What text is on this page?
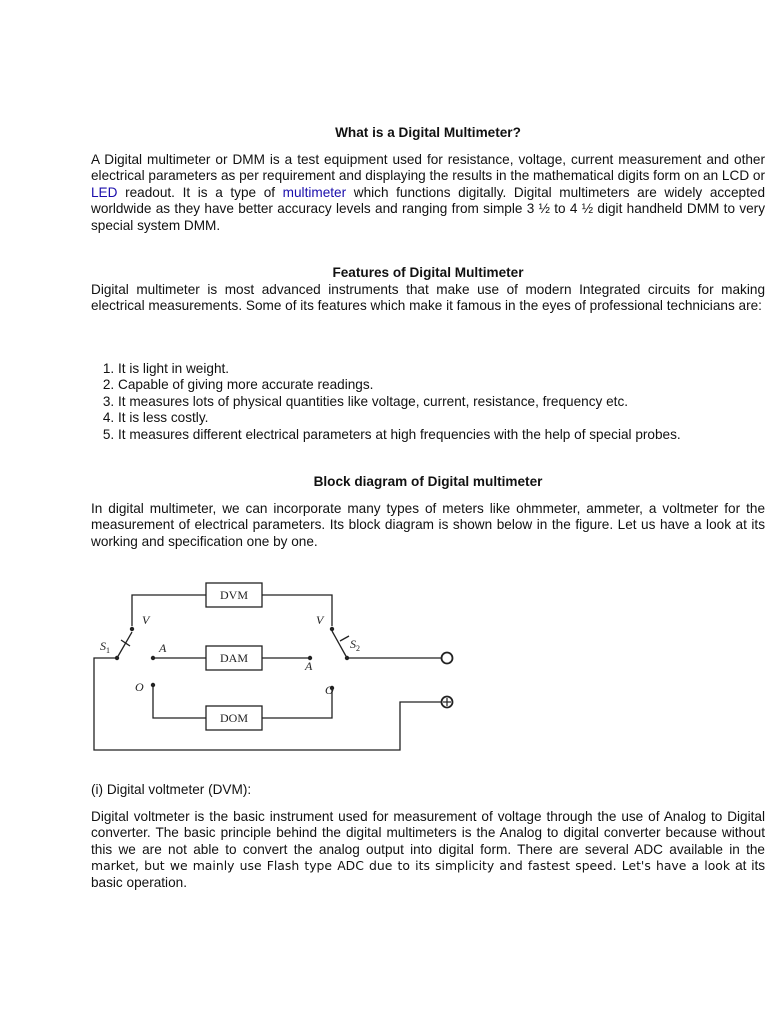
What is a Digital Multimeter?

A Digital multimeter or DMM is a test equipment used for resistance, voltage, current measurement and other electrical parameters as per requirement and displaying the results in the mathematical digits form on an LCD or LED readout. It is a type of multimeter which functions digitally. Digital multimeters are widely accepted worldwide as they have better accuracy levels and ranging from simple 3 ½ to 4 ½ digit handheld DMM to very special system DMM.

Features of Digital Multimeter

Digital multimeter is most advanced instruments that make use of modern Integrated circuits for making electrical measurements. Some of its features which make it famous in the eyes of professional technicians are:

1. It is light in weight.
2. Capable of giving more accurate readings.
3. It measures lots of physical quantities like voltage, current, resistance, frequency etc.
4. It is less costly.
5. It measures different electrical parameters at high frequencies with the help of special probes.
Block diagram of Digital multimeter

In digital multimeter, we can incorporate many types of meters like ohmmeter, ammeter, a voltmeter for the measurement of electrical parameters. Its block diagram is shown below in the figure. Let us have a look at its working and specification one by one.

DVM
DAM
DOM
V
A
O
$S_1$
V
A
O
$S_2$

(i) Digital voltmeter (DVM):

Digital voltmeter is the basic instrument used for measurement of voltage through the use of Analog to Digital converter. The basic principle behind the digital multimeters is the Analog to digital converter because without this we are not able to convert the analog output into digital form. There are several ADC available in the market, but we mainly use Flash type ADC due to its simplicity and fastest speed. Let's have a look at its basic operation.
